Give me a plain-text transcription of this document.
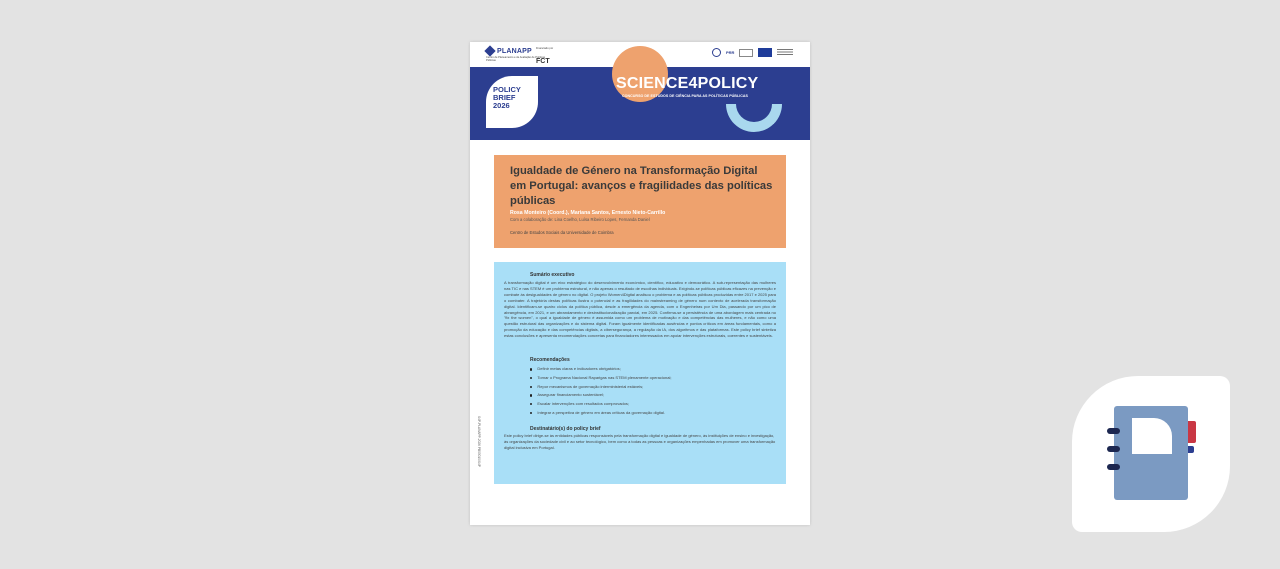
PLANAPP
Centro de Planeamento e de Avaliação de Políticas Públicas
Financiado por
FCT
PRR
POLICY
BRIEF
2026
SCIENCE4POLICY
CONCURSO DE ESTUDOS DE CIÊNCIA PARA AS POLÍTICAS PÚBLICAS
Igualdade de Género na Transformação Digital em Portugal: avanços e fragilidades das políticas públicas
Rosa Monteiro (Coord.), Mariana Santos, Ernesto Nieto-Carrillo
Com a colaboração de: Lina Coelho, Luísa Ribeiro Lopes, Fernanda Daniel
Centro de Estudos Sociais da Universidade de Coimbra
S4P-PLANAPP-2026 PB00010/S4P
Sumário executivo
A transformação digital é um eixo estratégico do desenvolvimento económico, científico, educativo e democrático. A sub-representação das mulheres nas TIC e nas STEM é um problema estrutural, e não apenas o resultado de escolhas individuais. Exigindo-se políticas públicas eficazes na prevenção e combate às desigualdades de género no digital. O projeto Women4Digital analisou o problema e as políticas públicas produzidas entre 2017 e 2025 para o combater. A trajetória destas políticas ilustra o potencial e as fragilidades do mainstreaming de género num contexto de acelerada transformação digital. Identificam-se quatro ciclos da política pública, desde a emergência da agenda, com o Engenheiras por Um Dia, passando por um pico de abrangência, em 2021, e um abrandamento e desinstitucionalização parcial, em 2025. Confirma-se a persistência de uma abordagem mais centrada no "fix the women", o qual a igualdade de género é assumida como um problema de motivação e das competências das mulheres, e não como uma questão estrutural das organizações e do sistema digital. Foram igualmente identificadas ausências e pontos críticos em áreas fundamentais, como a promoção da educação e das competências digitais, a cibersegurança, a regulação da IA, dos algoritmos e das plataformas. Este policy brief sintetiza estas conclusões e apresenta recomendações concretas para financiadores interessados em apoiar intervenções estruturais, coerentes e sustentáveis.
Recomendações
Definir metas claras e indicadores obrigatórios;
Tornar o Programa Nacional Raparigas nas STEM plenamente operacional;
Repor mecanismos de governação interministerial estáveis;
Assegurar financiamento sustentável;
Escalar intervenções com resultados comprovados;
Integrar a perspetiva de género em áreas críticas da governação digital.
Destinatário(s) do policy brief
Este policy brief dirige-se às entidades públicas responsáveis pela transformação digital e igualdade de género, às instituições de ensino e investigação, às organizações da sociedade civil e ao setor tecnológico, bem como a todas as pessoas e organizações empenhadas em promover uma transformação digital inclusiva em Portugal.
